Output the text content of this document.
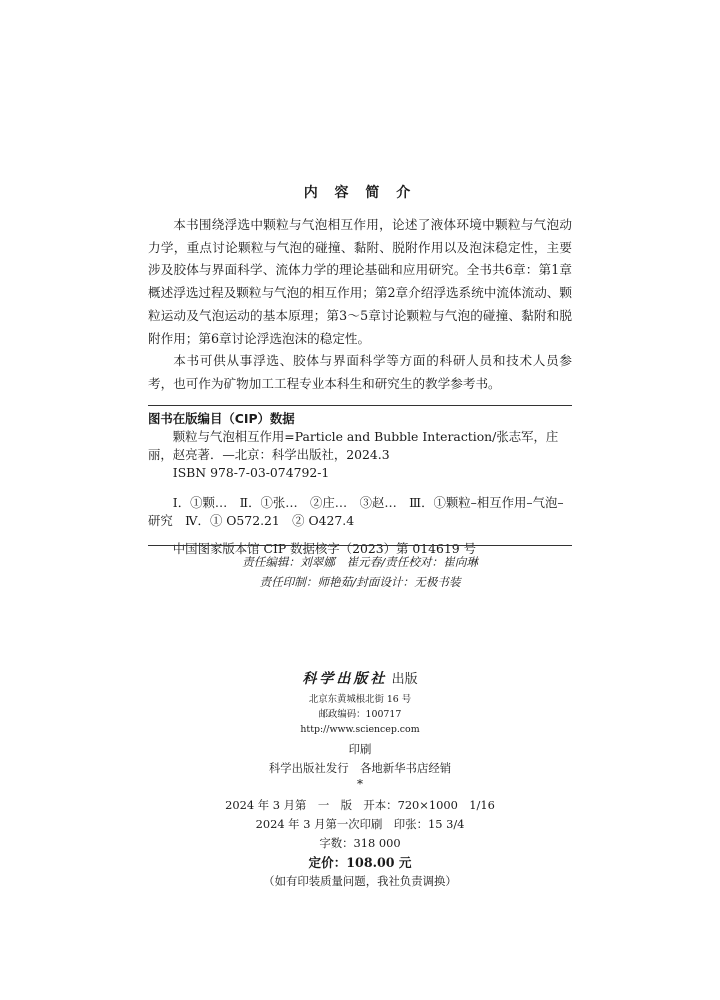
内 容 简 介

本书围绕浮选中颗粒与气泡相互作用，论述了液体环境中颗粒与气泡动力学，重点讨论颗粒与气泡的碰撞、黏附、脱附作用以及泡沫稳定性，主要涉及胶体与界面科学、流体力学的理论基础和应用研究。全书共6章：第1章概述浮选过程及颗粒与气泡的相互作用；第2章介绍浮选系统中流体流动、颗粒运动及气泡运动的基本原理；第3～5章讨论颗粒与气泡的碰撞、黏附和脱附作用；第6章讨论浮选泡沫的稳定性。

本书可供从事浮选、胶体与界面科学等方面的科研人员和技术人员参考，也可作为矿物加工工程专业本科生和研究生的教学参考书。

图书在版编目（CIP）数据
颗粒与气泡相互作用=Particle and Bubble Interaction/张志军，庄丽，赵亮著．—北京：科学出版社，2024.3
ISBN 978-7-03-074792-1
Ⅰ．①颗…　Ⅱ．①张…　②庄…　③赵…　Ⅲ．①颗粒–相互作用–气泡–研究　Ⅳ．① O572.21　② O427.4
中国图家版本馆 CIP 数据核字（2023）第 014619 号
责任编辑：刘翠娜　崔元春/责任校对：崔向琳
责任印制：师艳茹/封面设计：无极书装
科学出版社 出版
北京东黄城根北街 16 号
邮政编码：100717
http://www.sciencep.com
印刷
科学出版社发行　各地新华书店经销
*
2024 年 3 月第　一　版　开本：720×1000　1/16
2024 年 3 月第一次印刷　印张：15 3/4
字数：318 000
定价：108.00 元
（如有印装质量问题，我社负责调换）
